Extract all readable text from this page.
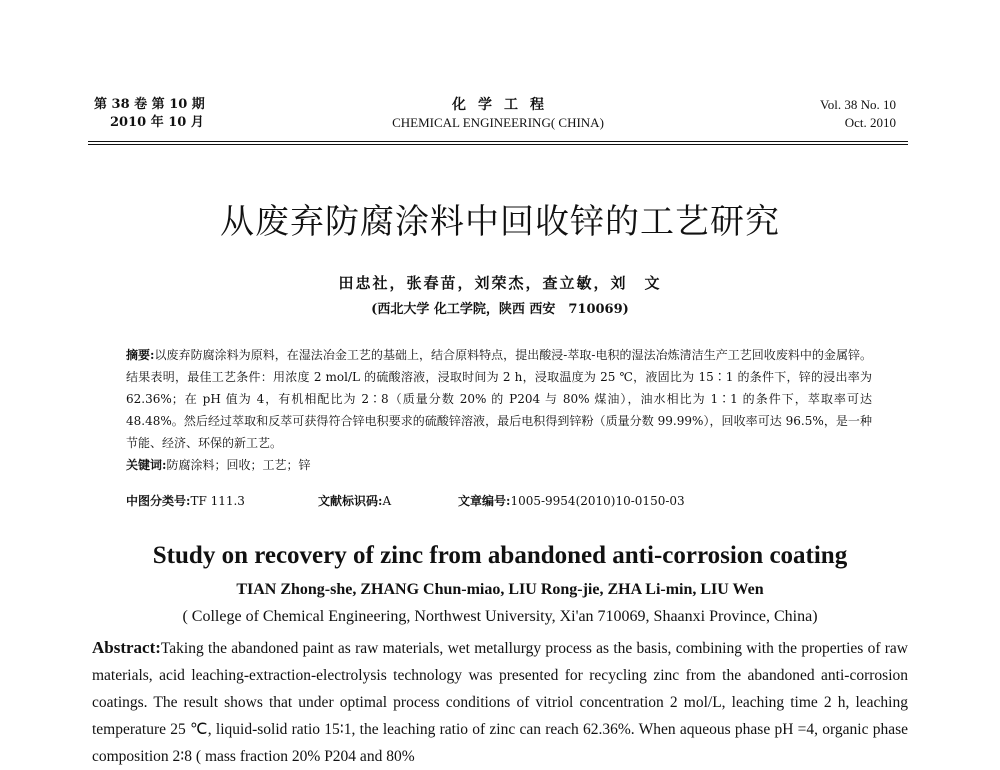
第 38 卷 第 10 期
2010 年 10 月
化学工程
CHEMICAL ENGINEERING( CHINA)
Vol. 38 No. 10
Oct. 2010
从废弃防腐涂料中回收锌的工艺研究
田忠社，张春苗，刘荣杰，查立敏，刘　文
(西北大学 化工学院，陕西 西安　710069)

摘要:以废弃防腐涂料为原料，在湿法冶金工艺的基础上，结合原料特点，提出酸浸-萃取-电积的湿法冶炼清洁生产工艺回收废料中的金属锌。结果表明，最佳工艺条件：用浓度 2 mol/L 的硫酸溶液，浸取时间为 2 h，浸取温度为 25 ℃，液固比为 15∶1 的条件下，锌的浸出率为 62.36%；在 pH 值为 4，有机相配比为 2∶8（质量分数 20% 的 P204 与 80% 煤油），油水相比为 1∶1 的条件下，萃取率可达 48.48%。然后经过萃取和反萃可获得符合锌电积要求的硫酸锌溶液，最后电积得到锌粉（质量分数 99.99%），回收率可达 96.5%，是一种节能、经济、环保的新工艺。

关键词:防腐涂料；回收；工艺；锌

中图分类号:TF 111.3	文献标识码:A	文章编号:1005-9954(2010)10-0150-03
Study on recovery of zinc from abandoned anti-corrosion coating
TIAN Zhong-she, ZHANG Chun-miao, LIU Rong-jie, ZHA Li-min, LIU Wen
( College of Chemical Engineering, Northwest University, Xi'an 710069, Shaanxi Province, China)

Abstract:Taking the abandoned paint as raw materials, wet metallurgy process as the basis, combining with the properties of raw materials, acid leaching-extraction-electrolysis technology was presented for recycling zinc from the abandoned anti-corrosion coatings. The result shows that under optimal process conditions of vitriol concentration 2 mol/L, leaching time 2 h, leaching temperature 25 ℃, liquid-solid ratio 15∶1, the leaching ratio of zinc can reach 62.36%. When aqueous phase pH =4, organic phase composition 2∶8 ( mass fraction 20% P204 and 80%
